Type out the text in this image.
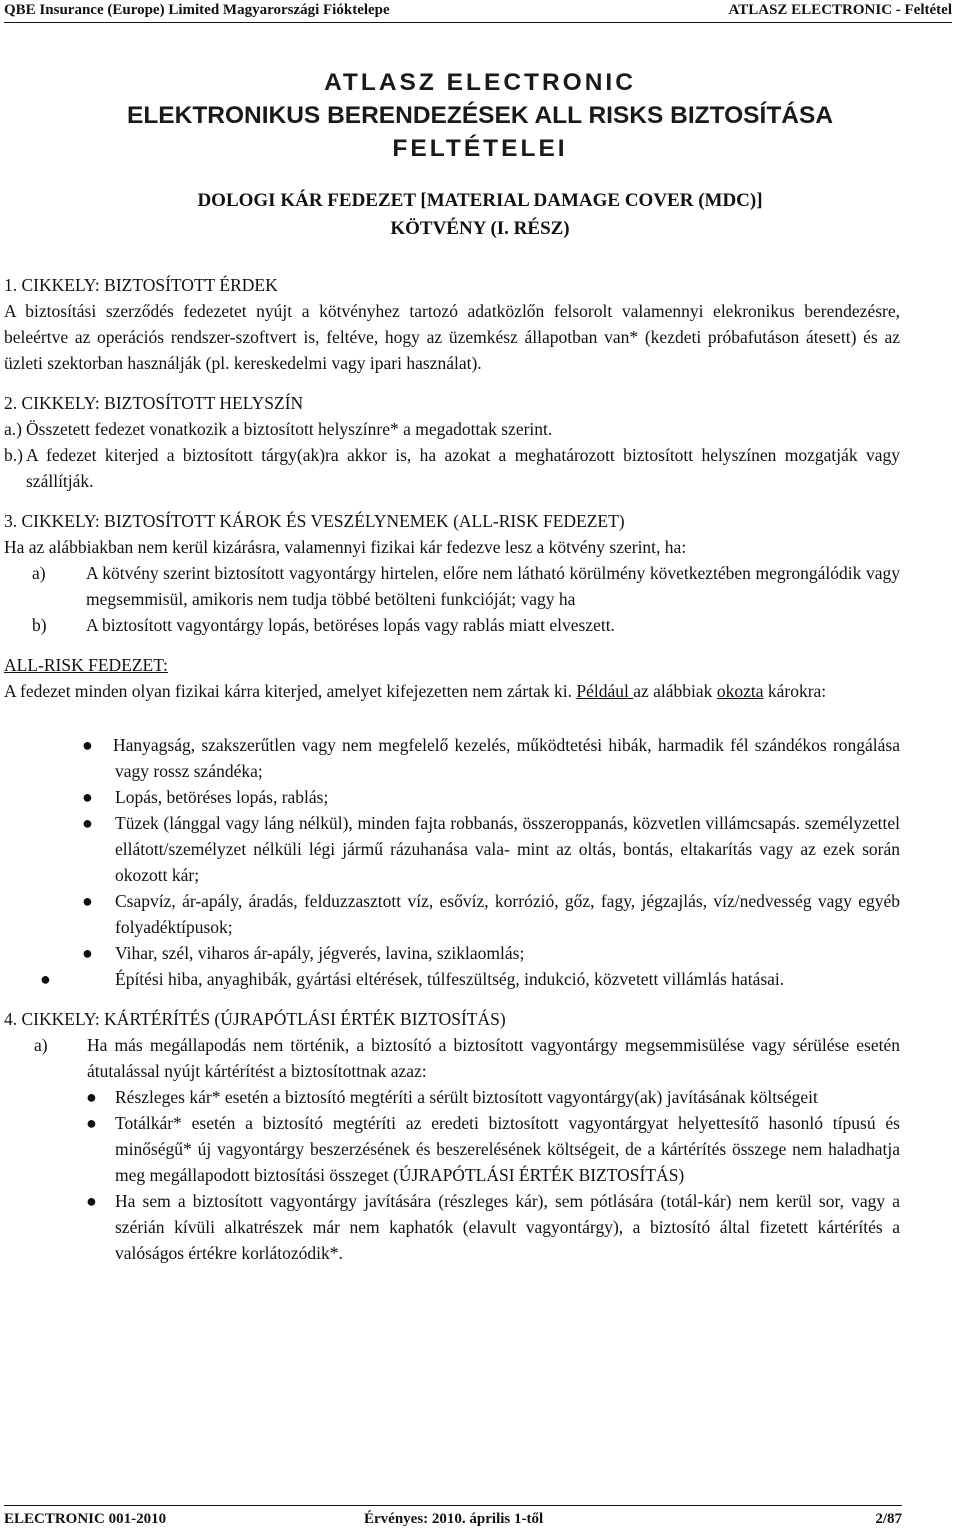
QBE Insurance (Europe) Limited Magyarországi Fióktelepe	ATLASZ ELECTRONIC - Feltétel
ATLASZ ELECTRONIC
ELEKTRONIKUS BERENDEZÉSEK ALL RISKS BIZTOSÍTÁSA
FELTÉTELEI
DOLOGI KÁR FEDEZET [MATERIAL DAMAGE COVER (MDC)]
KÖTVÉNY (I. RÉSZ)

1. CIKKELY: BIZTOSÍTOTT ÉRDEK

A biztosítási szerződés fedezetet nyújt a kötvényhez tartozó adatközlőn felsorolt valamennyi elekronikus berendezésre, beleértve az operációs rendszer-szoftvert is, feltéve, hogy az üzemkész állapotban van* (kezdeti próbafutáson átesett) és az üzleti szektorban használják (pl. kereskedelmi vagy ipari használat).

2. CIKKELY: BIZTOSÍTOTT HELYSZÍN

a.) Összetett fedezet vonatkozik a biztosított helyszínre* a megadottak szerint.
b.) A fedezet kiterjed a biztosított tárgy(ak)ra akkor is, ha azokat a meghatározott biztosított helyszínen mozgatják vagy szállítják.

3. CIKKELY: BIZTOSÍTOTT KÁROK ÉS VESZÉLYNEMEK (ALL-RISK FEDEZET)

Ha az alábbiakban nem kerül kizárásra, valamennyi fizikai kár fedezve lesz a kötvény szerint, ha:

a) A kötvény szerint biztosított vagyontárgy hirtelen, előre nem látható körülmény következtében megrongálódik vagy megsemmisül, amikoris nem tudja többé betölteni funkcióját; vagy ha
b) A biztosított vagyontárgy lopás, betöréses lopás vagy rablás miatt elveszett.

ALL-RISK FEDEZET:

A fedezet minden olyan fizikai kárra kiterjed, amelyet kifejezetten nem zártak ki. Például az alábbiak okozta károkra:

● Hanyagság, szakszerűtlen vagy nem megfelelő kezelés, működtetési hibák, harmadik fél szándékos rongálása vagy rossz szándéka;
● Lopás, betöréses lopás, rablás;
● Tüzek (lánggal vagy láng nélkül), minden fajta robbanás, összeroppanás, közvetlen villámcsapás. személyzettel ellátott/személyzet nélküli légi jármű rázuhanása vala- mint az oltás, bontás, eltakarítás vagy az ezek során okozott kár;
● Csapvíz, ár-apály, áradás, felduzzasztott víz, esővíz, korrózió, gőz, fagy, jégzajlás, víz/nedvesség vagy egyéb folyadéktípusok;
● Vihar, szél, viharos ár-apály, jégverés, lavina, sziklaomlás;
●	Építési hiba, anyaghibák, gyártási eltérések, túlfeszültség, indukció, közvetett villámlás hatásai.

4. CIKKELY: KÁRTÉRÍTÉS (ÚJRAPÓTLÁSI ÉRTÉK BIZTOSÍTÁS)

a) Ha más megállapodás nem történik, a biztosító a biztosított vagyontárgy megsemmisülése vagy sérülése esetén átutalással nyújt kártérítést a biztosítottnak azaz:
● Részleges kár* esetén a biztosító megtéríti a sérült biztosított vagyontárgy(ak) javításának költségeit
● Totálkár* esetén a biztosító megtéríti az eredeti biztosított vagyontárgyat helyettesítő hasonló típusú és minőségű* új vagyontárgy beszerzésének és beszerelésének költségeit, de a kártérítés összege nem haladhatja meg megállapodott biztosítási összeget (ÚJRAPÓTLÁSI ÉRTÉK BIZTOSÍTÁS)
● Ha sem a biztosított vagyontárgy javítására (részleges kár), sem pótlására (totál-kár) nem kerül sor, vagy a szérián kívüli alkatrészek már nem kaphatók (elavult vagyontárgy), a biztosító által fizetett kártérítés a valóságos értékre korlátozódik*.
ELECTRONIC 001-2010	Érvényes: 2010. április 1-től	2/87
